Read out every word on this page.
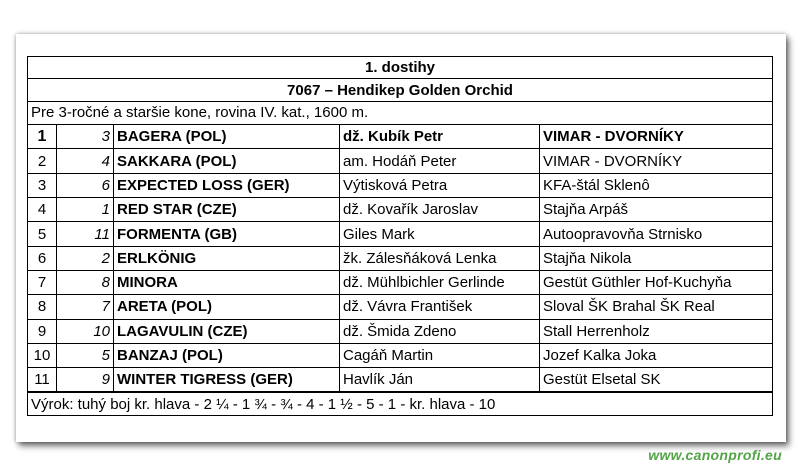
1. dostihy
7067 – Hendikep Golden Orchid
Pre 3-ročné a staršie kone, rovina IV. kat., 1600 m.
1	3	BAGERA (POL)	dž. Kubík Petr	VIMAR - DVORNÍKY
2	4	SAKKARA (POL)	am. Hodáň Peter	VIMAR - DVORNÍKY
3	6	EXPECTED LOSS (GER)	Výtisková Petra	KFA-štál Sklenô
4	1	RED STAR (CZE)	dž. Kovařík Jaroslav	Stajňa Arpáš
5	11	FORMENTA (GB)	Giles Mark	Autoopravovňa Strnisko
6	2	ERLKÖNIG	žk. Zálesňáková Lenka	Stajňa Nikola
7	8	MINORA	dž. Mühlbichler Gerlinde	Gestüt Güthler Hof-Kuchyňa
8	7	ARETA (POL)	dž. Vávra František	Sloval ŠK Brahal ŠK Real
9	10	LAGAVULIN (CZE)	dž. Šmida Zdeno	Stall Herrenholz
10	5	BANZAJ (POL)	Cagáň Martin	Jozef Kalka Joka
11	9	WINTER TIGRESS (GER)	Havlík Ján	Gestüt Elsetal SK
Výrok: tuhý boj kr. hlava - 2 ¼ - 1 ¾ - ¾ - 4 - 1 ½ - 5 - 1 - kr. hlava - 10
www.canonprofi.eu
